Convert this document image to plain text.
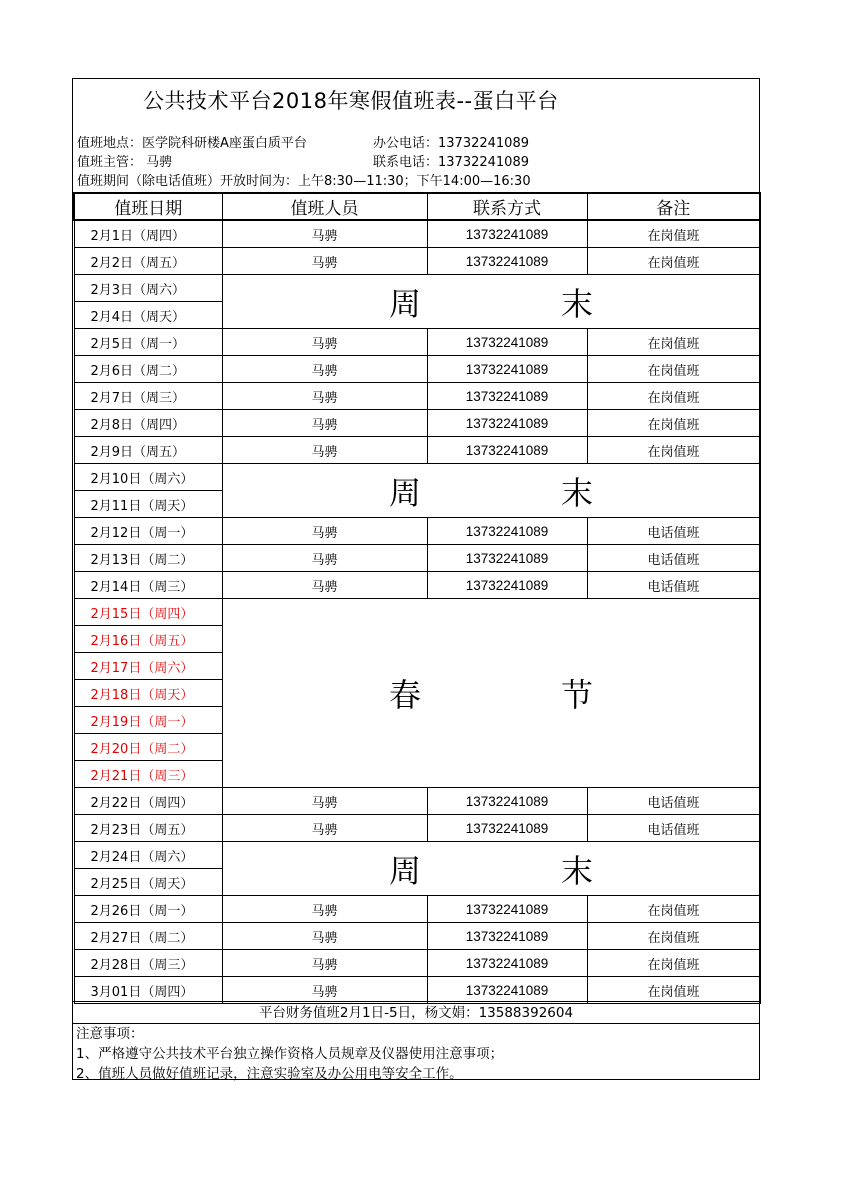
公共技术平台2018年寒假值班表--蛋白平台
值班地点：医学院科研楼A座蛋白质平台	办公电话：13732241089
值班主管： 马骋	联系电话：13732241089
值班期间（除电话值班）开放时间为：上午8:30—11:30；下午14:00—16:30
值班日期	值班人员	联系方式	备注
2月1日（周四）	马骋	13732241089	在岗值班
2月2日（周五）	马骋	13732241089	在岗值班
2月3日（周六）	周 末		
2月4日（周天）			
2月5日（周一）	马骋	13732241089	在岗值班
2月6日（周二）	马骋	13732241089	在岗值班
2月7日（周三）	马骋	13732241089	在岗值班
2月8日（周四）	马骋	13732241089	在岗值班
2月9日（周五）	马骋	13732241089	在岗值班
2月10日（周六）	周 末		
2月11日（周天）			
2月12日（周一）	马骋	13732241089	电话值班
2月13日（周二）	马骋	13732241089	电话值班
2月14日（周三）	马骋	13732241089	电话值班
2月15日（周四）	春 节		
2月16日（周五）			
2月17日（周六）			
2月18日（周天）			
2月19日（周一）			
2月20日（周二）			
2月21日（周三）			
2月22日（周四）	马骋	13732241089	电话值班
2月23日（周五）	马骋	13732241089	电话值班
2月24日（周六）	周 末		
2月25日（周天）			
2月26日（周一）	马骋	13732241089	在岗值班
2月27日（周二）	马骋	13732241089	在岗值班
2月28日（周三）	马骋	13732241089	在岗值班
3月01日（周四）	马骋	13732241089	在岗值班
平台财务值班2月1日-5日，杨文娟：13588392604
注意事项：
1、严格遵守公共技术平台独立操作资格人员规章及仪器使用注意事项；
2、值班人员做好值班记录，注意实验室及办公用电等安全工作。
